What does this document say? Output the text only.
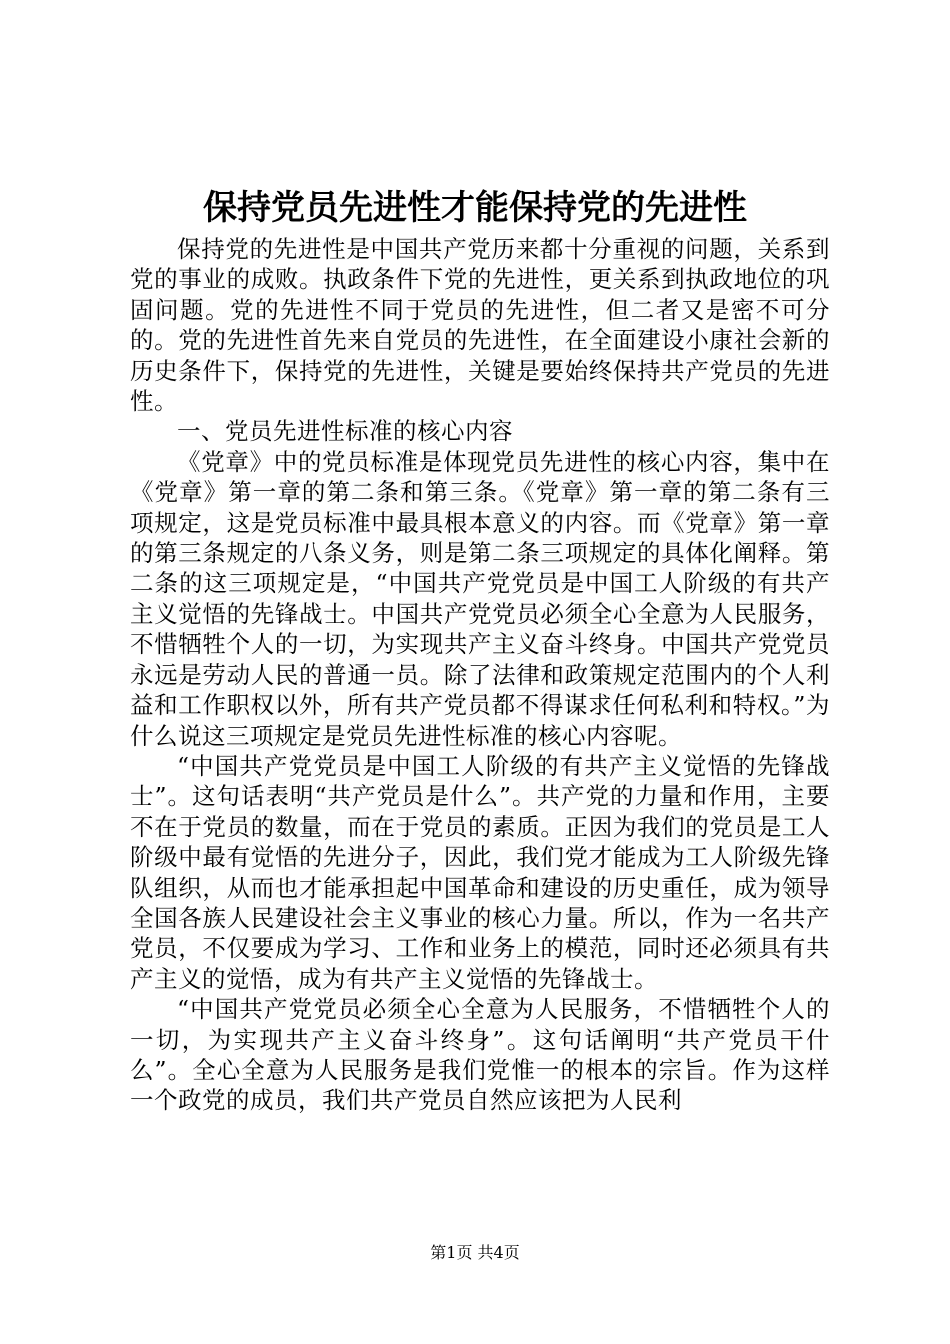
保持党员先进性才能保持党的先进性

保持党的先进性是中国共产党历来都十分重视的问题，关系到党的事业的成败。执政条件下党的先进性，更关系到执政地位的巩固问题。党的先进性不同于党员的先进性，但二者又是密不可分的。党的先进性首先来自党员的先进性，在全面建设小康社会新的历史条件下，保持党的先进性，关键是要始终保持共产党员的先进性。

一、党员先进性标准的核心内容

《党章》中的党员标准是体现党员先进性的核心内容，集中在《党章》第一章的第二条和第三条。《党章》第一章的第二条有三项规定，这是党员标准中最具根本意义的内容。而《党章》第一章的第三条规定的八条义务，则是第二条三项规定的具体化阐释。第二条的这三项规定是，“中国共产党党员是中国工人阶级的有共产主义觉悟的先锋战士。中国共产党党员必须全心全意为人民服务，不惜牺牲个人的一切，为实现共产主义奋斗终身。中国共产党党员永远是劳动人民的普通一员。除了法律和政策规定范围内的个人利益和工作职权以外，所有共产党员都不得谋求任何私利和特权。”为什么说这三项规定是党员先进性标准的核心内容呢。

“中国共产党党员是中国工人阶级的有共产主义觉悟的先锋战士”。这句话表明“共产党员是什么”。共产党的力量和作用，主要不在于党员的数量，而在于党员的素质。正因为我们的党员是工人阶级中最有觉悟的先进分子，因此，我们党才能成为工人阶级先锋队组织，从而也才能承担起中国革命和建设的历史重任，成为领导全国各族人民建设社会主义事业的核心力量。所以，作为一名共产党员，不仅要成为学习、工作和业务上的模范，同时还必须具有共产主义的觉悟，成为有共产主义觉悟的先锋战士。

“中国共产党党员必须全心全意为人民服务，不惜牺牲个人的一切，为实现共产主义奋斗终身”。这句话阐明“共产党员干什么”。全心全意为人民服务是我们党惟一的根本的宗旨。作为这样一个政党的成员，我们共产党员自然应该把为人民利

第1页 共4页
